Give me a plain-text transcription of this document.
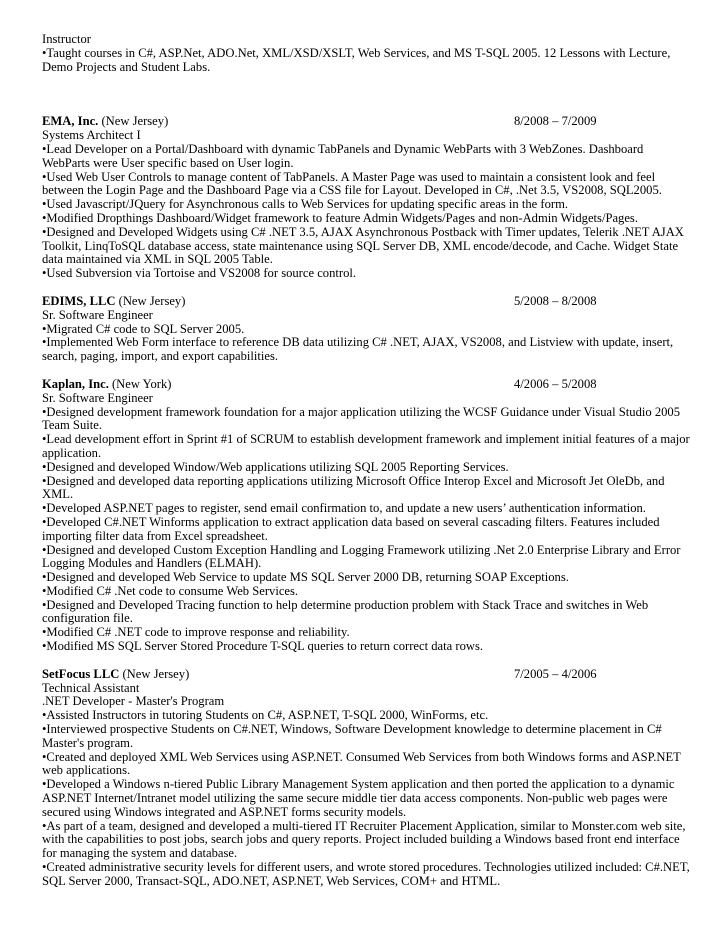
Instructor

• Taught courses in C#, ASP.Net, ADO.Net, XML/XSD/XSLT, Web Services, and MS T-SQL 2005. 12 Lessons with Lecture, Demo Projects and Student Labs.

EMA, Inc. (New Jersey)	8/2008 – 7/2009

Systems Architect I

• Lead Developer on a Portal/Dashboard with dynamic TabPanels and Dynamic WebParts with 3 WebZones. Dashboard WebParts were User specific based on User login.

• Used Web User Controls to manage content of TabPanels. A Master Page was used to maintain a consistent look and feel between the Login Page and the Dashboard Page via a CSS file for Layout. Developed in C#, .Net 3.5, VS2008, SQL2005.

• Used Javascript/JQuery for Asynchronous calls to Web Services for updating specific areas in the form.

• Modified Dropthings Dashboard/Widget framework to feature Admin Widgets/Pages and non-Admin Widgets/Pages.

• Designed and Developed Widgets using C# .NET 3.5, AJAX Asynchronous Postback with Timer updates, Telerik .NET AJAX Toolkit, LinqToSQL database access, state maintenance using SQL Server DB, XML encode/decode, and Cache. Widget State data maintained via XML in SQL 2005 Table.

• Used Subversion via Tortoise and VS2008 for source control.

EDIMS, LLC (New Jersey)	5/2008 – 8/2008

Sr. Software Engineer

• Migrated C# code to SQL Server 2005.

• Implemented Web Form interface to reference DB data utilizing C# .NET, AJAX, VS2008, and Listview with update, insert, search, paging, import, and export capabilities.

Kaplan, Inc. (New York)	4/2006 – 5/2008

Sr. Software Engineer

• Designed development framework foundation for a major application utilizing the WCSF Guidance under Visual Studio 2005 Team Suite.

• Lead development effort in Sprint #1 of SCRUM to establish development framework and implement initial features of a major application.

• Designed and developed Window/Web applications utilizing SQL 2005 Reporting Services.

• Designed and developed data reporting applications utilizing Microsoft Office Interop Excel and Microsoft Jet OleDb, and XML.

• Developed ASP.NET pages to register, send email confirmation to, and update a new users’ authentication information.

• Developed C#.NET Winforms application to extract application data based on several cascading filters. Features included importing filter data from Excel spreadsheet.

• Designed and developed Custom Exception Handling and Logging Framework utilizing .Net 2.0 Enterprise Library and Error Logging Modules and Handlers (ELMAH).

• Designed and developed Web Service to update MS SQL Server 2000 DB, returning SOAP Exceptions.

• Modified C# .Net code to consume Web Services.

• Designed and Developed Tracing function to help determine production problem with Stack Trace and switches in Web configuration file.

• Modified C# .NET code to improve response and reliability.

• Modified MS SQL Server Stored Procedure T-SQL queries to return correct data rows.

SetFocus LLC (New Jersey)	7/2005 – 4/2006

Technical Assistant

.NET Developer - Master's Program

• Assisted Instructors in tutoring Students on C#, ASP.NET, T-SQL 2000, WinForms, etc.

• Interviewed prospective Students on C#.NET, Windows, Software Development knowledge to determine placement in C# Master's program.

• Created and deployed XML Web Services using ASP.NET. Consumed Web Services from both Windows forms and ASP.NET web applications.

• Developed a Windows n-tiered Public Library Management System application and then ported the application to a dynamic ASP.NET Internet/Intranet model utilizing the same secure middle tier data access components. Non-public web pages were secured using Windows integrated and ASP.NET forms security models.

• As part of a team, designed and developed a multi-tiered IT Recruiter Placement Application, similar to Monster.com web site, with the capabilities to post jobs, search jobs and query reports. Project included building a Windows based front end interface for managing the system and database.

• Created administrative security levels for different users, and wrote stored procedures. Technologies utilized included: C#.NET, SQL Server 2000, Transact-SQL, ADO.NET, ASP.NET, Web Services, COM+ and HTML.
